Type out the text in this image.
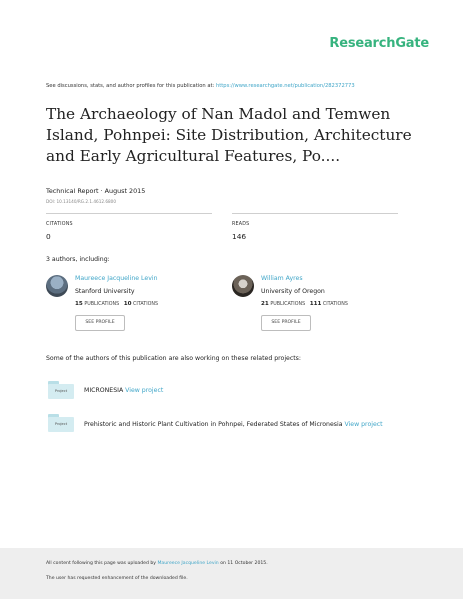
ResearchGate
See discussions, stats, and author profiles for this publication at: https://www.researchgate.net/publication/282372773
The Archaeology of Nan Madol and Temwen Island, Pohnpei: Site Distribution, Architecture and Early Agricultural Features, Po....
Technical Report · August 2015
DOI: 10.13140/RG.2.1.4612.6800
CITATIONS
0
READS
146
3 authors, including:
Maureece Jacqueline Levin
Stanford University
15 PUBLICATIONS 10 CITATIONS
SEE PROFILE
William Ayres
University of Oregon
21 PUBLICATIONS 111 CITATIONS
SEE PROFILE
Some of the authors of this publication are also working on these related projects:
Project	MICRONESIA View project
Project	Prehistoric and Historic Plant Cultivation in Pohnpei, Federated States of Micronesia View project
All content following this page was uploaded by Maureece Jacqueline Levin on 11 October 2015.
The user has requested enhancement of the downloaded file.
